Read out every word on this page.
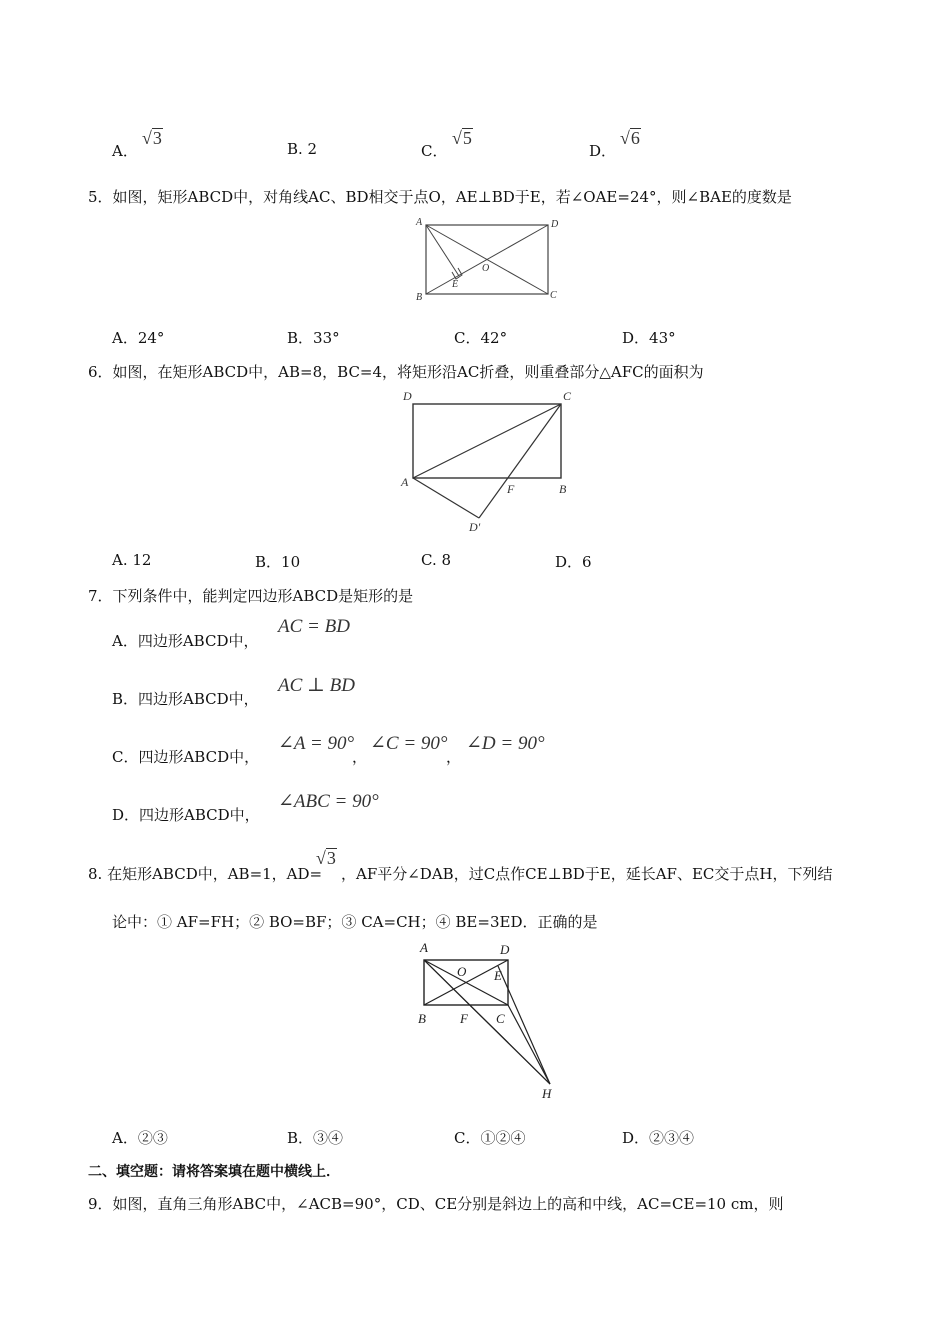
A．
√3
B. 2	C．
√5
D．
√6
5．如图，矩形ABCD中，对角线AC、BD相交于点O，AE⊥BD于E，若∠OAE=24°，则∠BAE的度数是
A	D
O
E
B	C
A．24°	B．33°	C．42°	D．43°
6．如图，在矩形ABCD中，AB=8，BC=4，将矩形沿AC折叠，则重叠部分△AFC的面积为
D	C
A	F	B
D'
A. 12	B．10	C. 8	D．6
7．下列条件中，能判定四边形ABCD是矩形的是
A．四边形ABCD中，
AC = BD
B．四边形ABCD中，
AC ⊥ BD
C．四边形ABCD中，
∠A = 90°
，
∠C = 90°
，
∠D = 90°
D．四边形ABCD中，
∠ABC = 90°
8. 在矩形ABCD中，AB=1，AD=
√3
，AF平分∠DAB，过C点作CE⊥BD于E，延长AF、EC交于点H，下列结
论中：① AF=FH；② BO=BF；③ CA=CH；④ BE=3ED．正确的是
A	D
O E
B	F C
H
A．②③	B．③④	C．①②④	D．②③④
二、填空题：请将答案填在题中横线上．
9．如图，直角三角形ABC中，∠ACB=90°，CD、CE分别是斜边上的高和中线，AC=CE=10 cm，则
